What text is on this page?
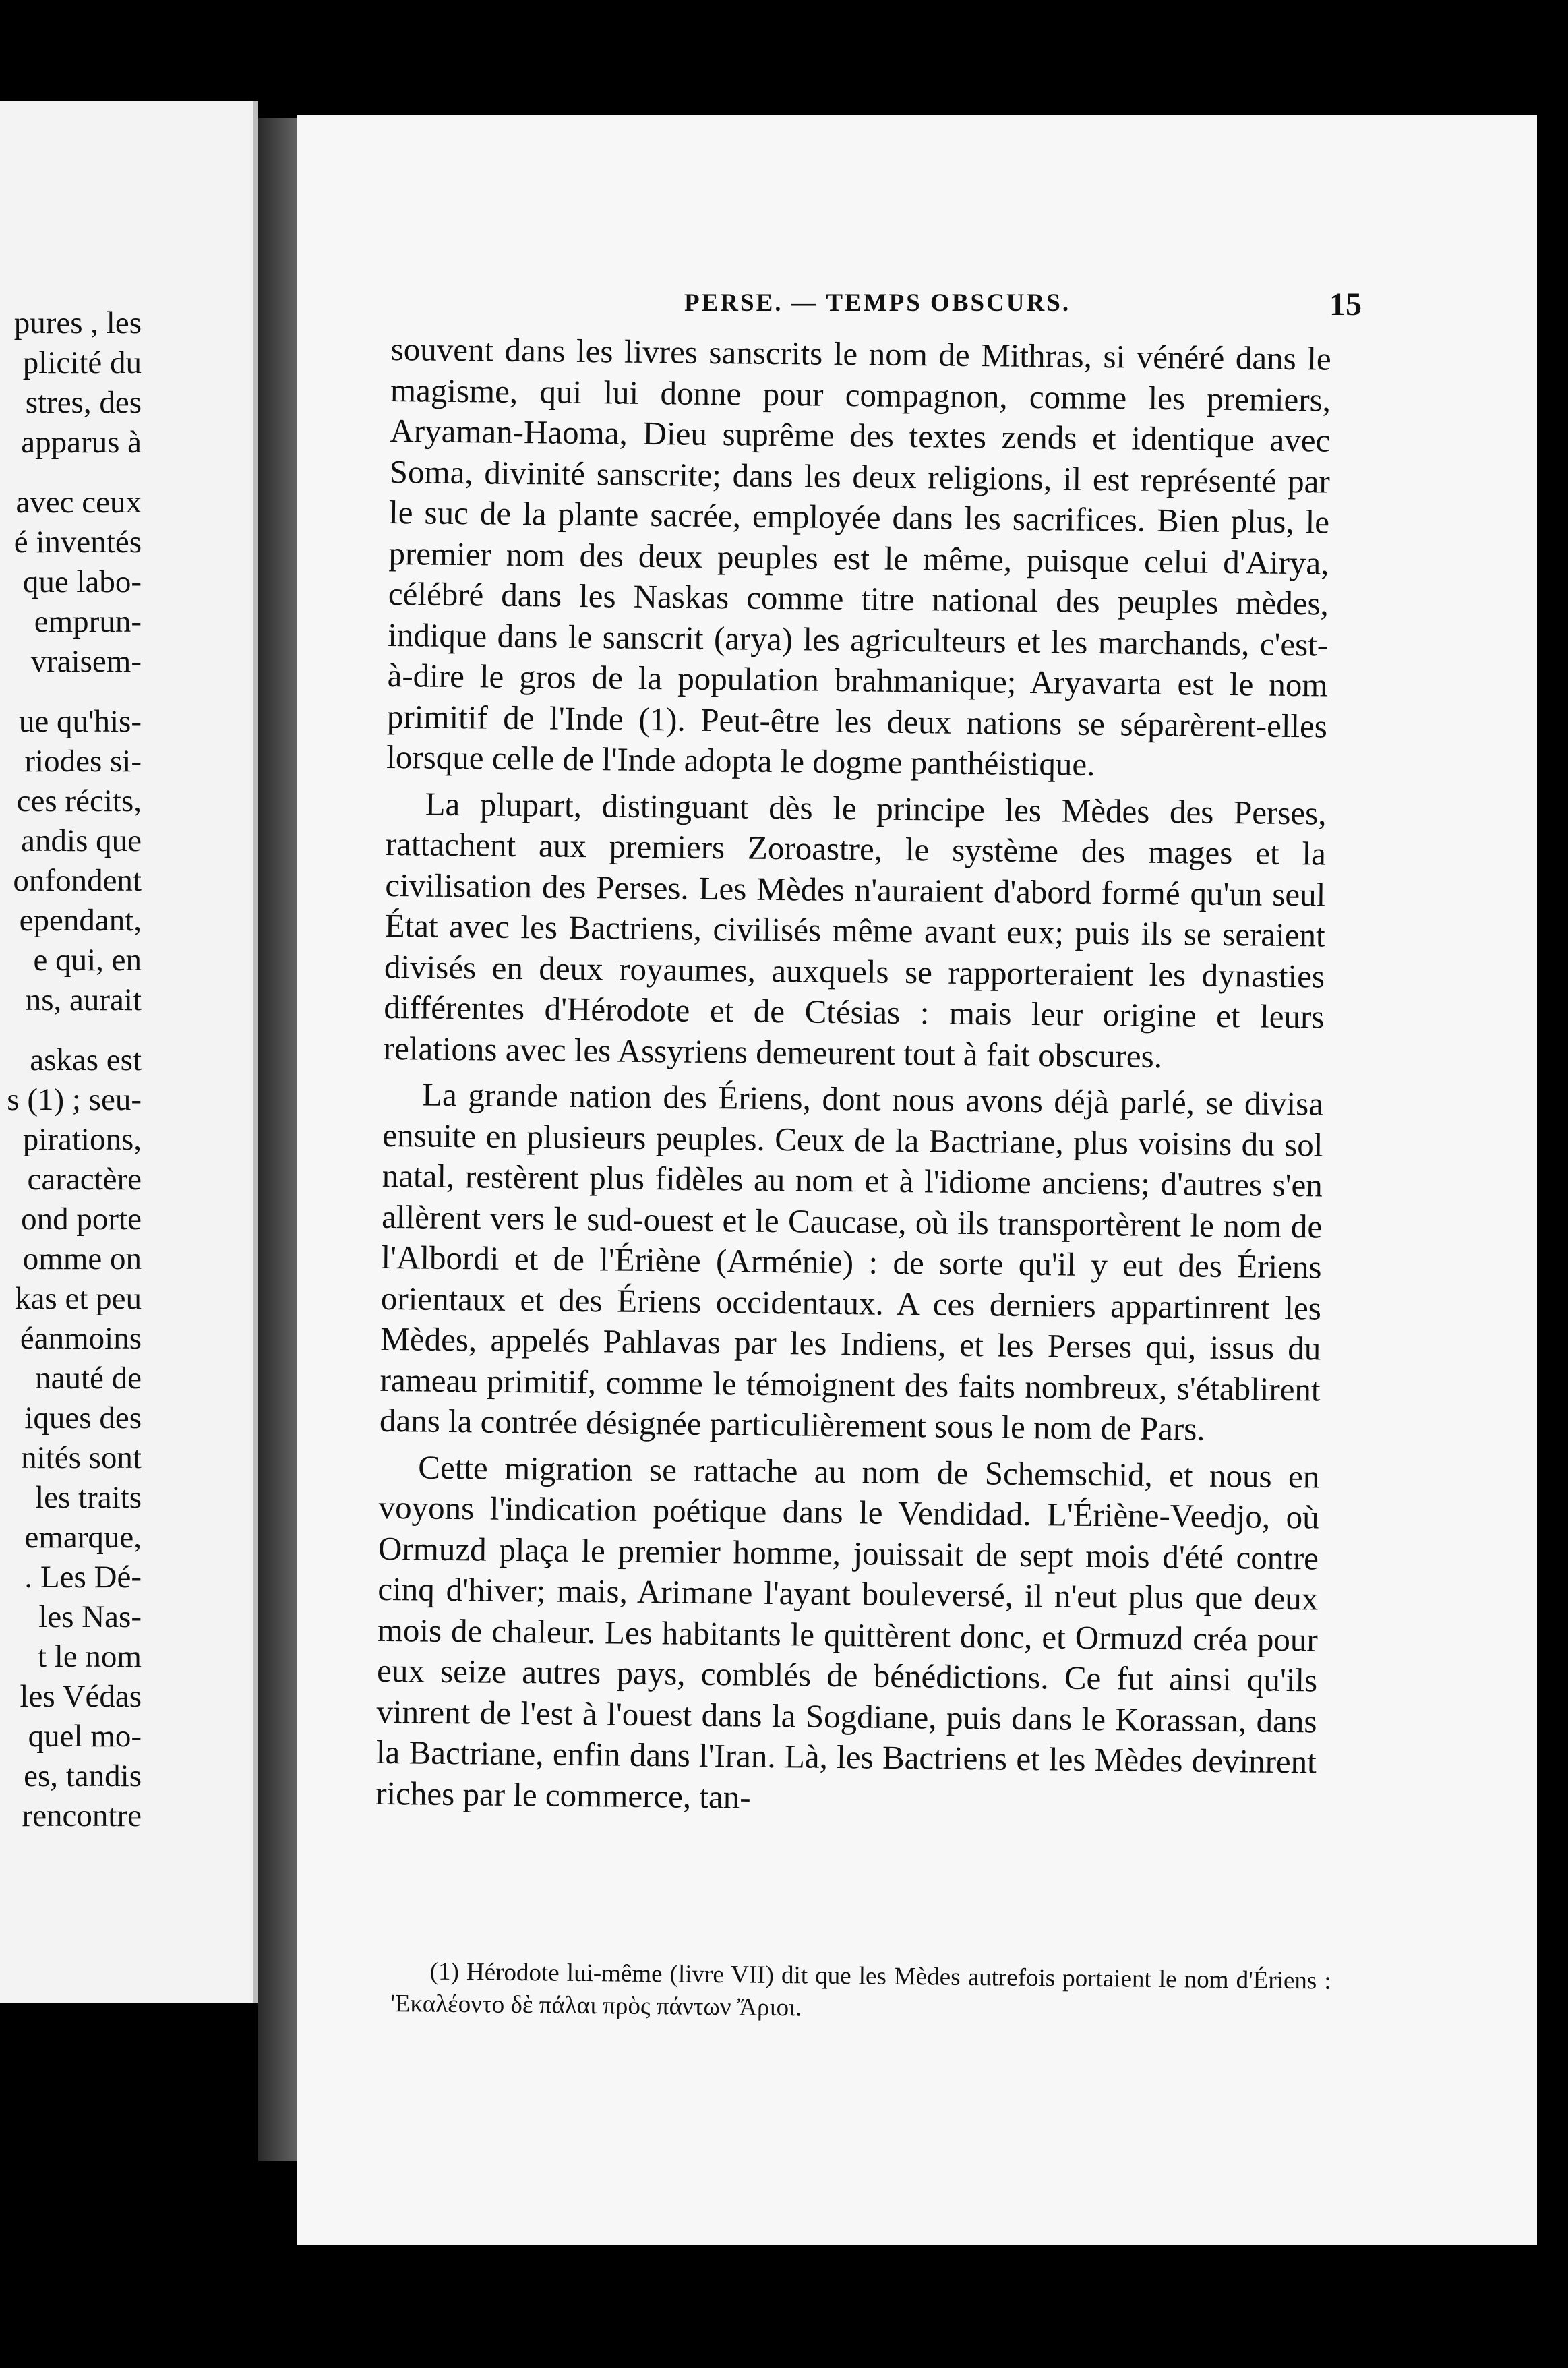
pures , les
plicité du
stres, des
apparus à
avec ceux
é inventés
que labo-
emprun-
vraisem-
ue qu'his-
riodes si-
ces récits,
andis que
onfondent
ependant,
e qui, en
ns, aurait
askas est
s (1) ; seu-
pirations,
caractère
ond porte
omme on
kas et peu
éanmoins
nauté de
iques des
nités sont
les traits
emarque,
. Les Dé-
les Nas-
t le nom
les Védas
quel mo-
es, tandis
rencontre
PERSE. — TEMPS OBSCURS.	15

souvent dans les livres sanscrits le nom de Mithras, si vénéré dans le magisme, qui lui donne pour compagnon, comme les premiers, Aryaman-Haoma, Dieu suprême des textes zends et identique avec Soma, divinité sanscrite; dans les deux religions, il est représenté par le suc de la plante sacrée, employée dans les sacrifices. Bien plus, le premier nom des deux peuples est le même, puisque celui d'Airya, célébré dans les Naskas comme titre national des peuples mèdes, indique dans le sanscrit (arya) les agriculteurs et les marchands, c'est-à-dire le gros de la population brahmanique; Aryavarta est le nom primitif de l'Inde (1). Peut-être les deux nations se séparèrent-elles lorsque celle de l'Inde adopta le dogme panthéistique.

La plupart, distinguant dès le principe les Mèdes des Perses, rattachent aux premiers Zoroastre, le système des mages et la civilisation des Perses. Les Mèdes n'auraient d'abord formé qu'un seul État avec les Bactriens, civilisés même avant eux; puis ils se seraient divisés en deux royaumes, auxquels se rapporteraient les dynasties différentes d'Hérodote et de Ctésias : mais leur origine et leurs relations avec les Assyriens demeurent tout à fait obscures.

La grande nation des Ériens, dont nous avons déjà parlé, se divisa ensuite en plusieurs peuples. Ceux de la Bactriane, plus voisins du sol natal, restèrent plus fidèles au nom et à l'idiome anciens; d'autres s'en allèrent vers le sud-ouest et le Caucase, où ils transportèrent le nom de l'Albordi et de l'Ériène (Arménie) : de sorte qu'il y eut des Ériens orientaux et des Ériens occidentaux. A ces derniers appartinrent les Mèdes, appelés Pahlavas par les Indiens, et les Perses qui, issus du rameau primitif, comme le témoignent des faits nombreux, s'établirent dans la contrée désignée particulièrement sous le nom de Pars.

Cette migration se rattache au nom de Schemschid, et nous en voyons l'indication poétique dans le Vendidad. L'Ériène-Veedjo, où Ormuzd plaça le premier homme, jouissait de sept mois d'été contre cinq d'hiver; mais, Arimane l'ayant bouleversé, il n'eut plus que deux mois de chaleur. Les habitants le quittèrent donc, et Ormuzd créa pour eux seize autres pays, comblés de bénédictions. Ce fut ainsi qu'ils vinrent de l'est à l'ouest dans la Sogdiane, puis dans le Korassan, dans la Bactriane, enfin dans l'Iran. Là, les Bactriens et les Mèdes devinrent riches par le commerce, tan-

(1) Hérodote lui-même (livre VII) dit que les Mèdes autrefois portaient le nom d'Ériens : 'Εκαλέοντο δὲ πάλαι πρὸς πάντων Ἄριοι.
